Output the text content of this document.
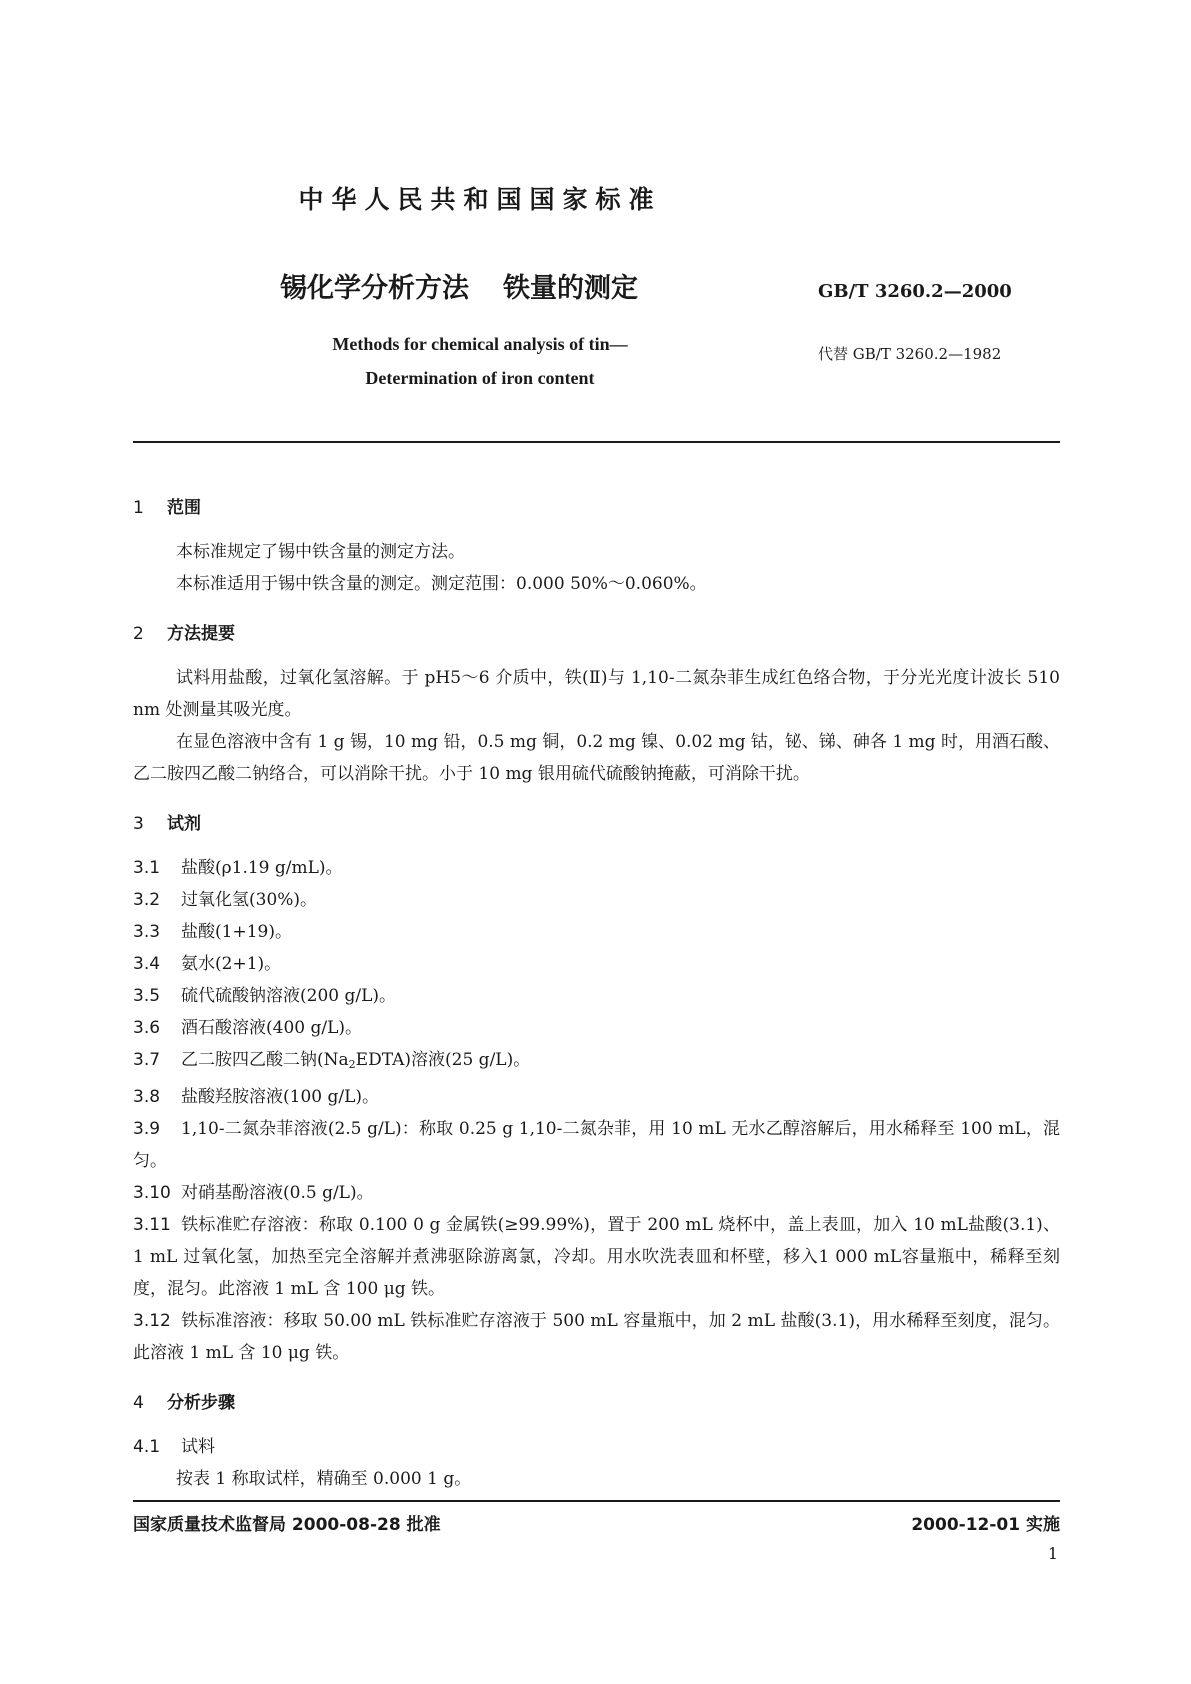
中华人民共和国国家标准
锡化学分析方法 铁量的测定	GB/T 3260.2—2000
Methods for chemical analysis of tin—
Determination of iron content
代替 GB/T 3260.2—1982

1 范围

本标准规定了锡中铁含量的测定方法。

本标准适用于锡中铁含量的测定。测定范围：0.000 50%～0.060%。

2 方法提要

试料用盐酸，过氧化氢溶解。于 pH5～6 介质中，铁(Ⅱ)与 1,10-二氮杂菲生成红色络合物，于分光光度计波长 510 nm 处测量其吸光度。

在显色溶液中含有 1 g 锡，10 mg 铅，0.5 mg 铜，0.2 mg 镍、0.02 mg 钴，铋、锑、砷各 1 mg 时，用酒石酸、乙二胺四乙酸二钠络合，可以消除干扰。小于 10 mg 银用硫代硫酸钠掩蔽，可消除干扰。

3 试剂

3.1 盐酸(ρ1.19 g/mL)。

3.2 过氧化氢(30%)。

3.3 盐酸(1+19)。

3.4 氨水(2+1)。

3.5 硫代硫酸钠溶液(200 g/L)。

3.6 酒石酸溶液(400 g/L)。

3.7 乙二胺四乙酸二钠$(Na_2EDTA)$溶液(25 g/L)。

3.8 盐酸羟胺溶液(100 g/L)。

3.9 1,10-二氮杂菲溶液(2.5 g/L)：称取 0.25 g 1,10-二氮杂菲，用 10 mL 无水乙醇溶解后，用水稀释至 100 mL，混匀。

3.10 对硝基酚溶液(0.5 g/L)。

3.11 铁标准贮存溶液：称取 0.100 0 g 金属铁(≥99.99%)，置于 200 mL 烧杯中，盖上表皿，加入 10 mL盐酸(3.1)、1 mL 过氧化氢，加热至完全溶解并煮沸驱除游离氯，冷却。用水吹洗表皿和杯壁，移入1 000 mL容量瓶中，稀释至刻度，混匀。此溶液 1 mL 含 100 μg 铁。

3.12 铁标准溶液：移取 50.00 mL 铁标准贮存溶液于 500 mL 容量瓶中，加 2 mL 盐酸(3.1)，用水稀释至刻度，混匀。此溶液 1 mL 含 10 μg 铁。

4 分析步骤

4.1 试料

按表 1 称取试样，精确至 0.000 1 g。

国家质量技术监督局 2000-08-28 批准	2000-12-01 实施
1
